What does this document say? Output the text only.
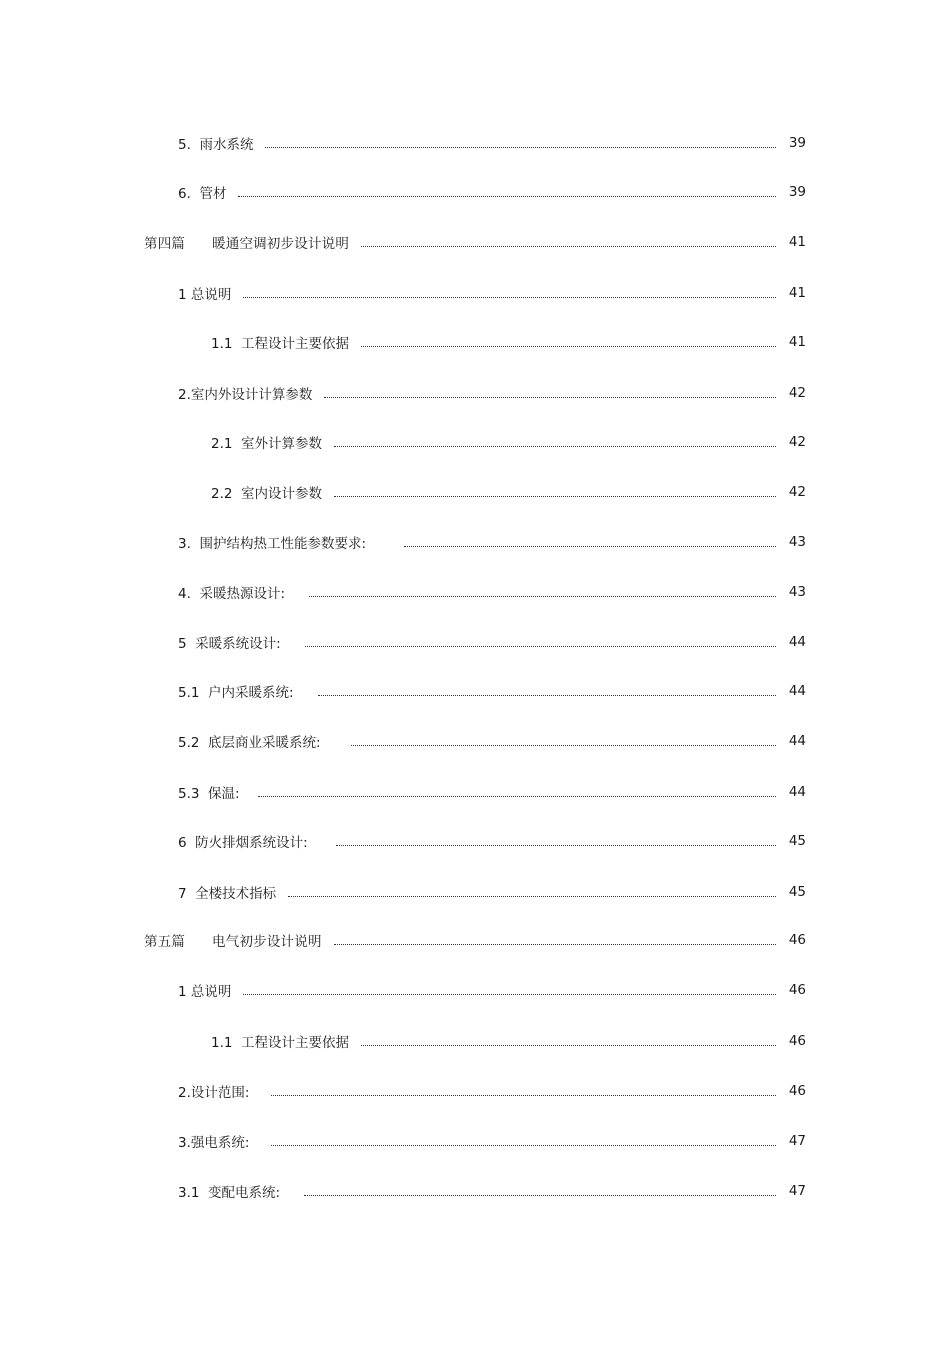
5.  雨水系统	39
6.  管材	39
第四篇      暖通空调初步设计说明	41
1 总说明	41
1.1  工程设计主要依据	41
2.室内外设计计算参数	42
2.1  室外计算参数	42
2.2  室内设计参数	42
3.  围护结构热工性能参数要求:	43
4.  采暖热源设计:	43
5  采暖系统设计:	44
5.1  户内采暖系统:	44
5.2  底层商业采暖系统:	44
5.3  保温:	44
6  防火排烟系统设计:	45
7  全楼技术指标	45
第五篇      电气初步设计说明	46
1 总说明	46
1.1  工程设计主要依据	46
2.设计范围:	46
3.强电系统:	47
3.1  变配电系统:	47
